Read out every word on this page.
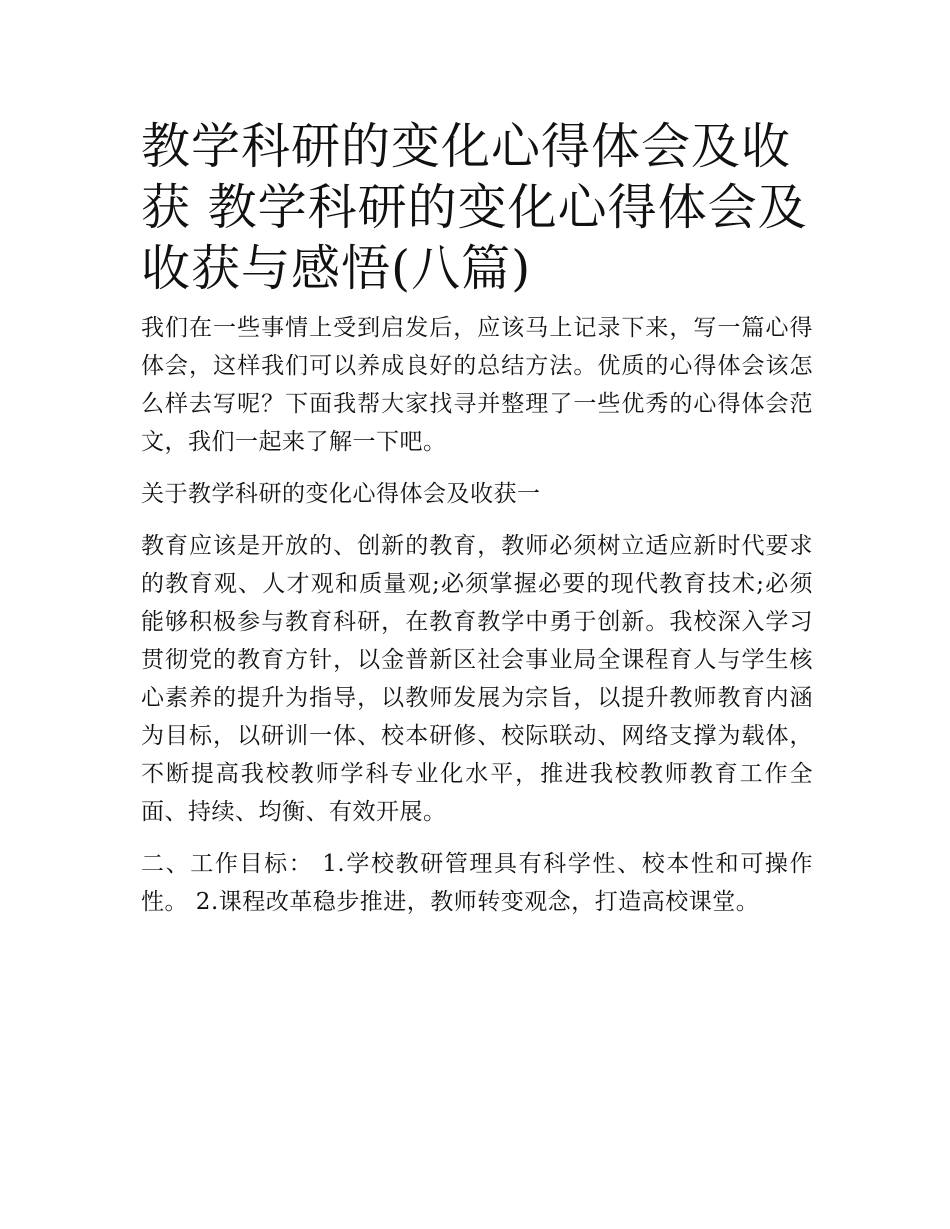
教学科研的变化心得体会及收获 教学科研的变化心得体会及收获与感悟(八篇)

我们在一些事情上受到启发后，应该马上记录下来，写一篇心得体会，这样我们可以养成良好的总结方法。优质的心得体会该怎么样去写呢？下面我帮大家找寻并整理了一些优秀的心得体会范文，我们一起来了解一下吧。

关于教学科研的变化心得体会及收获一

教育应该是开放的、创新的教育，教师必须树立适应新时代要求的教育观、人才观和质量观;必须掌握必要的现代教育技术;必须能够积极参与教育科研，在教育教学中勇于创新。我校深入学习贯彻党的教育方针，以金普新区社会事业局全课程育人与学生核心素养的提升为指导，以教师发展为宗旨，以提升教师教育内涵为目标，以研训一体、校本研修、校际联动、网络支撑为载体，不断提高我校教师学科专业化水平，推进我校教师教育工作全面、持续、均衡、有效开展。

二、工作目标： 1.学校教研管理具有科学性、校本性和可操作性。 2.课程改革稳步推进，教师转变观念，打造高校课堂。
